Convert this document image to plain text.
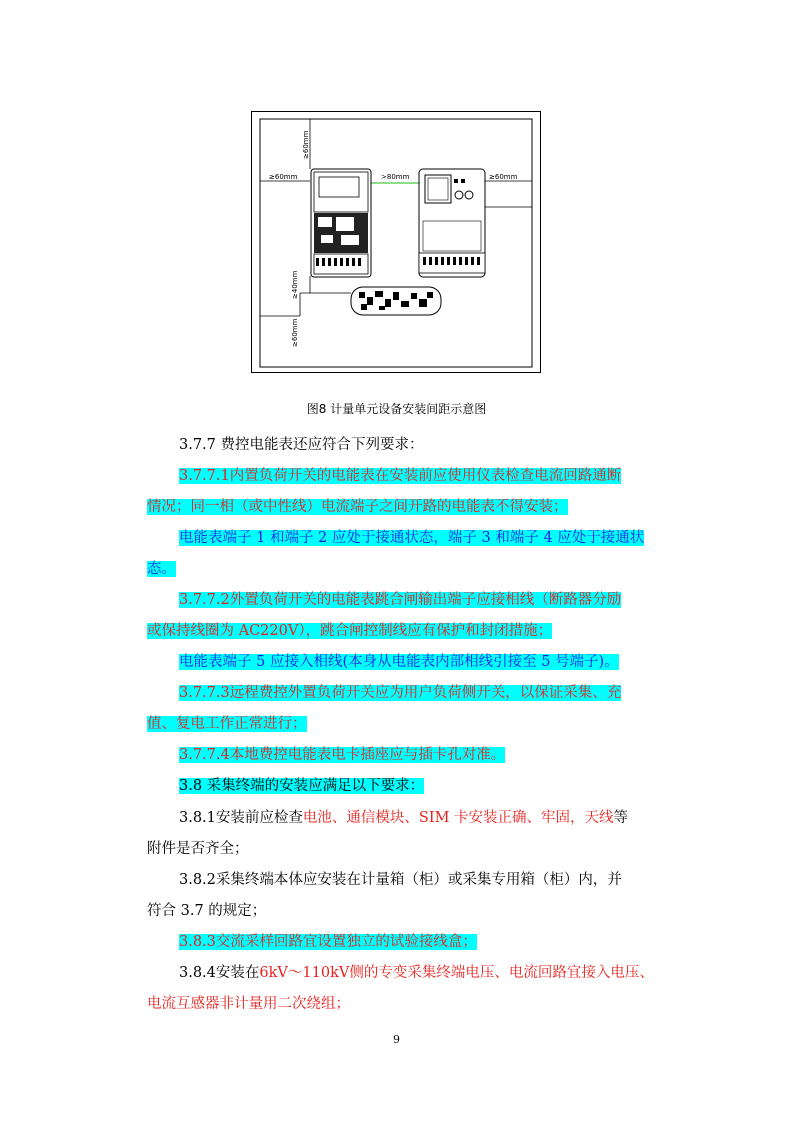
≥60mm
≥60mm	>80mm	≥60mm
≥40mm
≥60mm
图8 计量单元设备安装间距示意图
3.7.7 费控电能表还应符合下列要求：
3.7.7.1内置负荷开关的电能表在安装前应使用仪表检查电流回路通断
情况；同一相（或中性线）电流端子之间开路的电能表不得安装；
电能表端子 1 和端子 2 应处于接通状态，端子 3 和端子 4 应处于接通状
态。
3.7.7.2外置负荷开关的电能表跳合闸输出端子应接相线（断路器分励
或保持线圈为 AC220V），跳合闸控制线应有保护和封闭措施；
电能表端子 5 应接入相线(本身从电能表内部相线引接至 5 号端子)。
3.7.7.3远程费控外置负荷开关应为用户负荷侧开关，以保证采集、充
值、复电工作正常进行；
3.7.7.4本地费控电能表电卡插座应与插卡孔对准。
3.8 采集终端的安装应满足以下要求：
3.8.1安装前应检查电池、通信模块、SIM 卡安装正确、牢固，天线等
附件是否齐全；
3.8.2采集终端本体应安装在计量箱（柜）或采集专用箱（柜）内，并
符合 3.7 的规定；
3.8.3交流采样回路宜设置独立的试验接线盒；
3.8.4安装在6kV～110kV侧的专变采集终端电压、电流回路宜接入电压、
电流互感器非计量用二次绕组；
9
